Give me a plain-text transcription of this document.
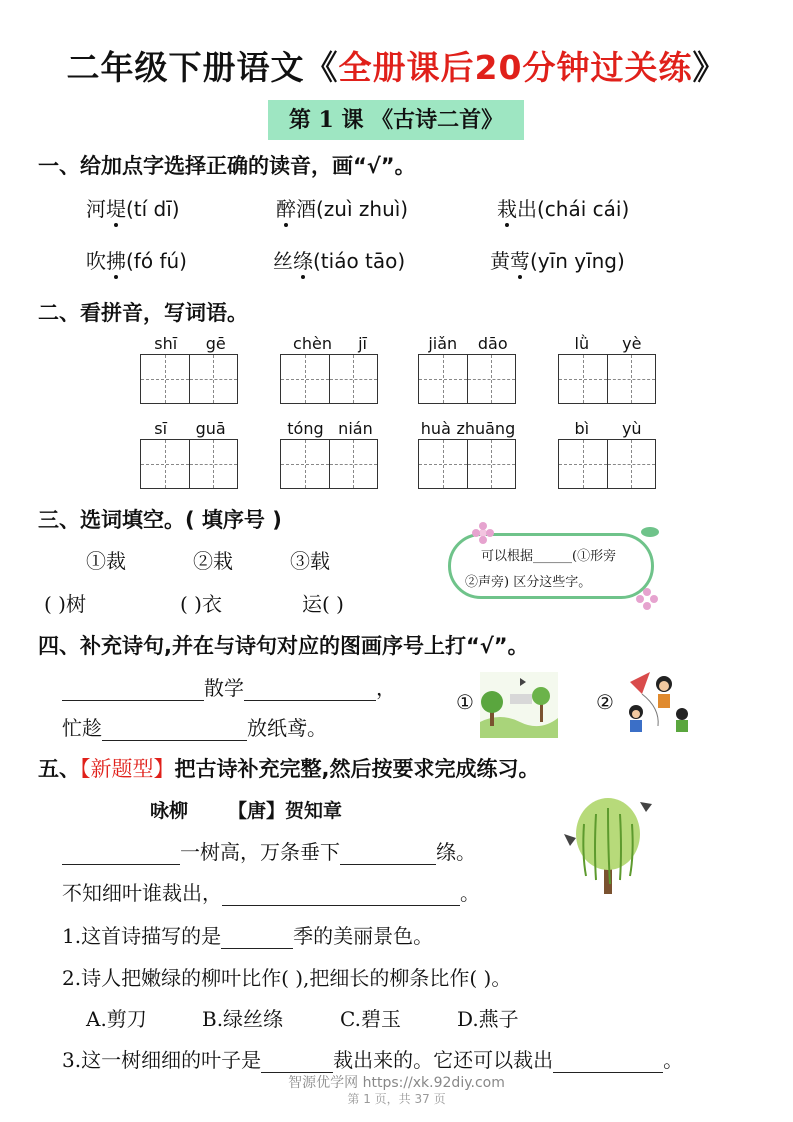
二年级下册语文《全册课后20分钟过关练》
第 1 课 《古诗二首》
一、给加点字选择正确的读音，画“√”。
河堤(tí dī)	醉酒(zuì zhuì)	栽出(chái cái)
吹拂(fó fú)	丝绦(tiáo tāo)	黄莺(yīn yīng)
二、看拼音，写词语。
shī gē	chèn jī	jiǎn dāo	lǜ yè
sī guā	tóng nián	huà zhuāng	bì yù
三、选词填空。( 填序号 )
①裁	②栽	③载
( )树	( )衣	运( )
可以根据______(①形旁
②声旁) 区分这些字。
四、补充诗句,并在与诗句对应的图画序号上打“√”。
散学	，
忙趁	放纸鸢。
①	②
五、【新题型】把古诗补充完整,然后按要求完成练习。
咏柳 【唐】贺知章
一树高，万条垂下	绦。
不知细叶谁裁出，	。
1.这首诗描写的是	季的美丽景色。
2.诗人把嫩绿的柳叶比作( ),把细长的柳条比作( )。
A.剪刀	B.绿丝绦	C.碧玉	D.燕子
3.这一树细细的叶子是	裁出来的。它还可以裁出	。
智源优学网 https://xk.92diy.com
第 1 页，共 37 页
